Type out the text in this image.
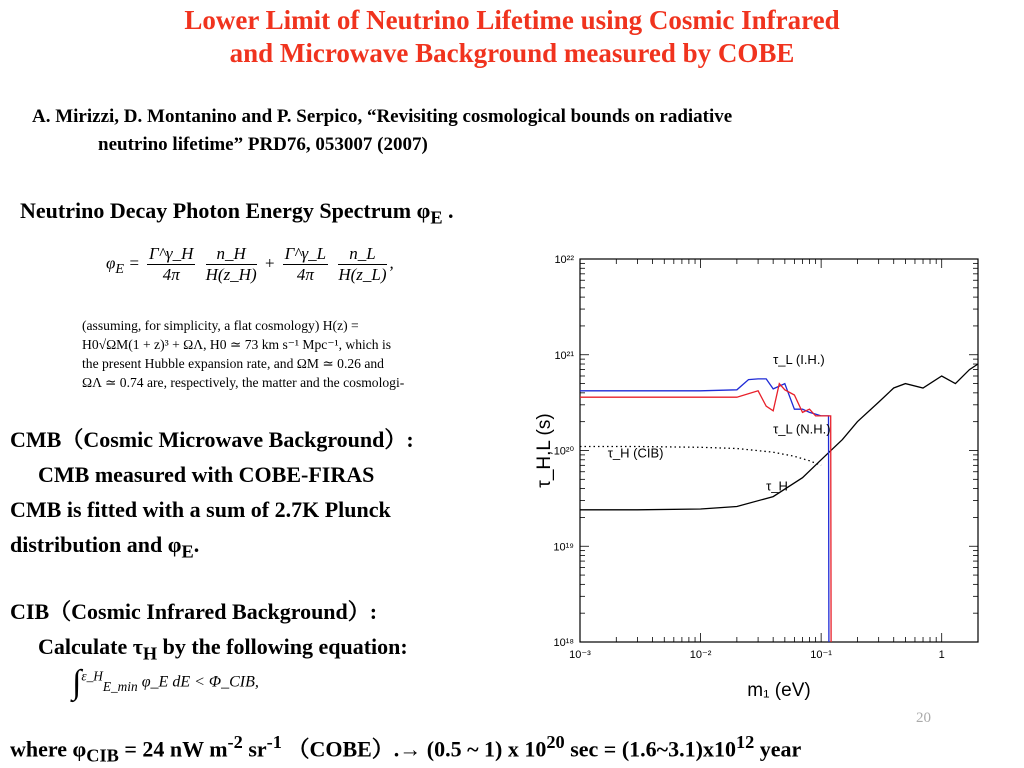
Lower Limit of Neutrino Lifetime using Cosmic Infrared
and Microwave Background measured by COBE
A. Mirizzi, D. Montanino and P. Serpico, “Revisiting cosmological bounds on radiative
neutrino lifetime” PRD76, 053007 (2007)
Neutrino Decay Photon Energy Spectrum $\varphi_E$ .
$\varphi_E = \frac{\Gamma\^{}\gamma\_H}{4\pi}$
$\frac{n\_H}{H(z\_H)} + \frac{\Gamma\^{}\gamma\_L}{4\pi}$
$\frac{n\_L}{H(z\_L)}$ ,
(assuming, for simplicity, a flat cosmology) H(z) =
H0√ΩM(1 + z)³ + ΩΛ, H0 ≃ 73 km s⁻¹ Mpc⁻¹, which is
the present Hubble expansion rate, and ΩM ≃ 0.26 and
ΩΛ ≃ 0.74 are, respectively, the matter and the cosmologi-
CMB（Cosmic Microwave Background）:
CMB measured with COBE-FIRAS
CMB is fitted with a sum of 2.7K Plunck
distribution and $\varphi_E$.
CIB（Cosmic Infrared Background）:
Calculate $\tau_H$ by the following equation:
∫$^{\varepsilon\_H}_{E\_min}$ φ_E dE < Φ_CIB,
20
where $\varphi_{CIB} = 24$ nW $m^{-2}$ $sr^{-1}$ （COBE）.→ (0.5 ~ 1) x $10^{20}$ $\sec = (1.6\sim 3.1)x10^{12}$ year
10⁻³	10⁻²	10⁻¹	1
10¹⁸
10¹⁹
10²⁰
10²¹
10²²
m₁ (eV)
τ_H,L (s)
τ_L (I.H.)
τ_L (N.H.)
τ_H (CIB)
τ_H
